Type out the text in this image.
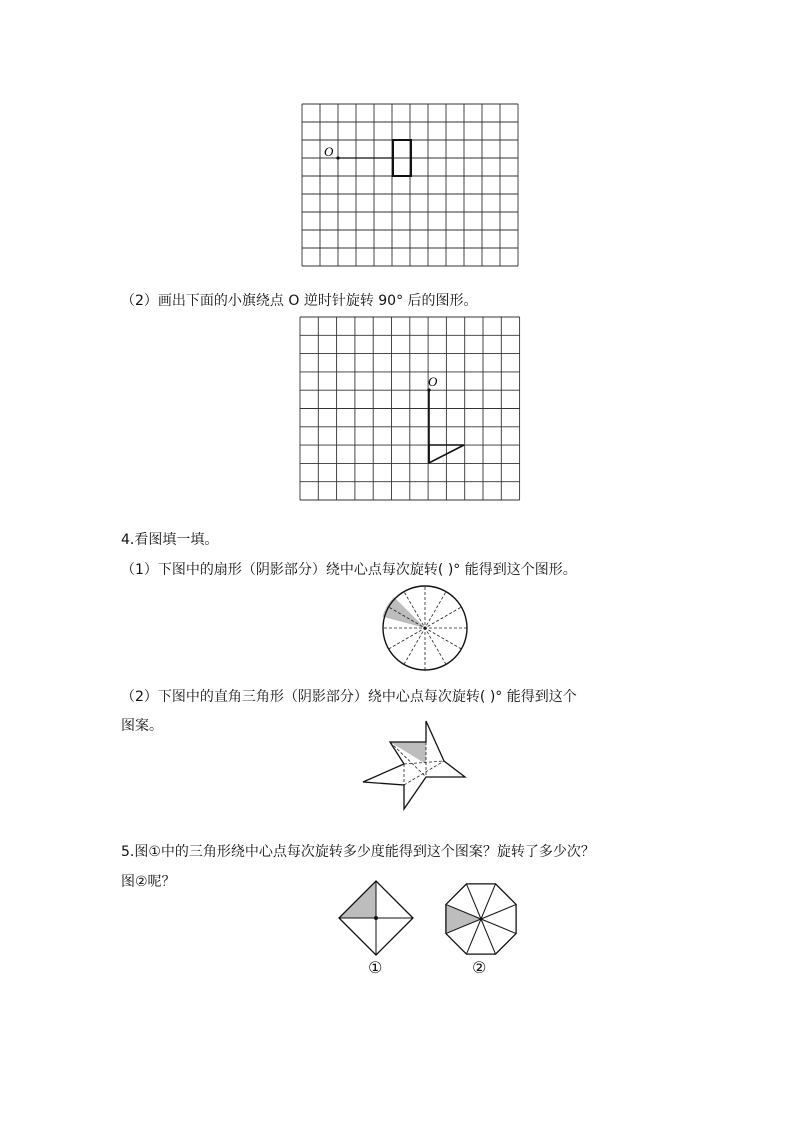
O
（2）画出下面的小旗绕点 O 逆时针旋转 90° 后的图形。
O
4.看图填一填。
（1）下图中的扇形（阴影部分）绕中心点每次旋转( )° 能得到这个图形。
（2）下图中的直角三角形（阴影部分）绕中心点每次旋转( )° 能得到这个
图案。
5.图①中的三角形绕中心点每次旋转多少度能得到这个图案？旋转了多少次？
图②呢？
①	②
